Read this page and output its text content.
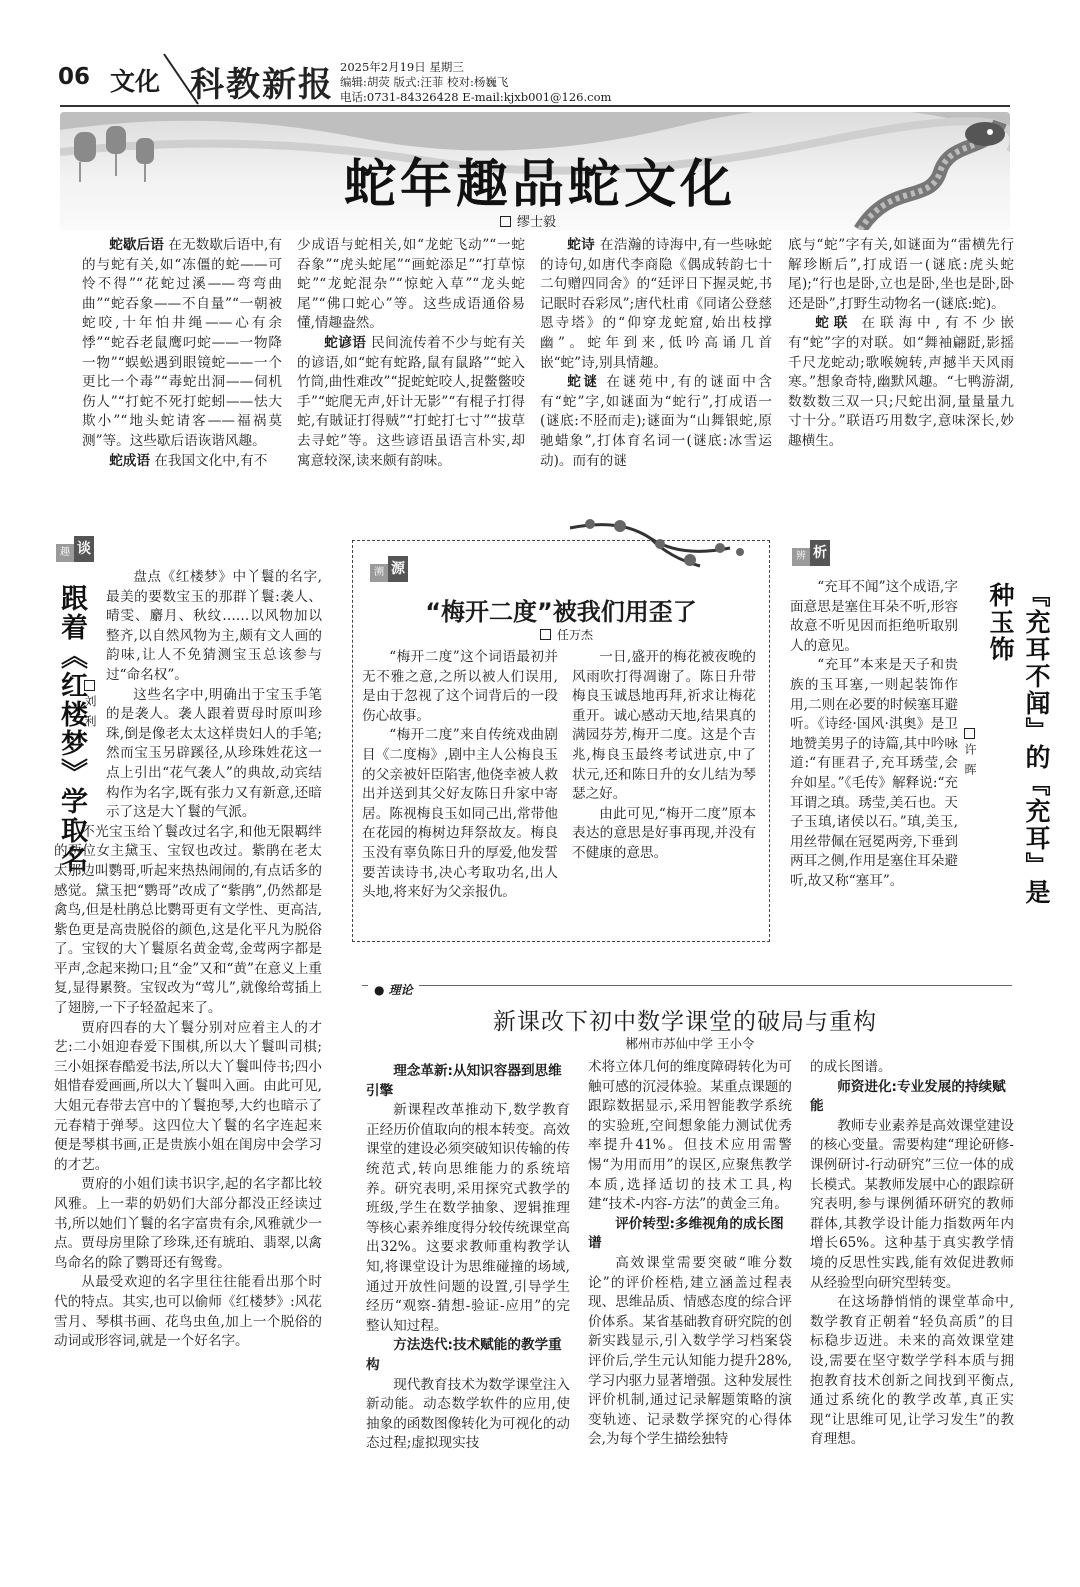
06 文化 科教新报 2025年2月19日 星期三
编辑:胡荧 版式:汪菲 校对:杨巍飞
电话:0731-84326428 E-mail:kjxb001@126.com
蛇年趣品蛇文化
缪士毅

蛇歇后语 在无数歇后语中,有的与蛇有关,如“冻僵的蛇——可怜不得”“花蛇过溪——弯弯曲曲”“蛇吞象——不自量”“一朝被蛇咬,十年怕井绳——心有余悸”“蛇吞老鼠鹰叼蛇——一物降一物”“蜈蚣遇到眼镜蛇——一个更比一个毒”“毒蛇出洞——伺机伤人”“打蛇不死打蛇蚓——怯大欺小”“地头蛇请客——福祸莫测”等。这些歇后语诙谐风趣。

蛇成语 在我国文化中,有不

少成语与蛇相关,如“龙蛇飞动”“一蛇吞象”“虎头蛇尾”“画蛇添足”“打草惊蛇”“龙蛇混杂”“惊蛇入草”“龙头蛇尾”“佛口蛇心”等。这些成语通俗易懂,情趣盎然。

蛇谚语 民间流传着不少与蛇有关的谚语,如“蛇有蛇路,鼠有鼠路”“蛇入竹筒,曲性难改”“捉蛇蛇咬人,捉鳖鳖咬手”“蛇爬无声,奸计无影”“有棍子打得蛇,有賊证打得贼”“打蛇打七寸”“拔草去寻蛇”等。这些谚语虽语言朴实,却寓意较深,读来颇有韵味。

蛇诗 在浩瀚的诗海中,有一些咏蛇的诗句,如唐代李商隐《偶成转韵七十二句赠四同舍》的“廷评日下握灵蛇,书记眠时吞彩凤”;唐代杜甫《同诸公登慈恩寺塔》的“仰穿龙蛇窟,始出枝撑幽”。蛇年到来,低吟高诵几首嵌“蛇”诗,别具情趣。

蛇谜 在谜苑中,有的谜面中含有“蛇”字,如谜面为“蛇行”,打成语一(谜底:不胫而走);谜面为“山舞银蛇,原驰蜡象”,打体育名词一(谜底:冰雪运动)。而有的谜

底与“蛇”字有关,如谜面为“雷横先行解珍断后”,打成语一(谜底:虎头蛇尾);“行也是卧,立也是卧,坐也是卧,卧还是卧”,打野生动物名一(谜底:蛇)。

蛇联 在联海中,有不少嵌有“蛇”字的对联。如“舞袖翩跹,影摇千尺龙蛇动;歌喉婉转,声撼半天风雨寒。”想象奇特,幽默风趣。“七鸭游湖,数数数三双一只;尺蛇出洞,量量量九寸十分。”联语巧用数字,意味深长,妙趣横生。

趣 谈
跟着《红楼梦》学取名
刘 利

盘点《红楼梦》中丫鬟的名字,最美的要数宝玉的那群丫鬟:袭人、晴雯、麝月、秋纹……以风物加以整齐,以自然风物为主,颇有文人画的韵味,让人不免猜测宝玉总该参与过“命名权”。

这些名字中,明确出于宝玉手笔的是袭人。袭人跟着贾母时原叫珍珠,倒是像老太太这样贵妇人的手笔;然而宝玉另辟蹊径,从珍珠姓花这一点上引出“花气袭人”的典故,动宾结构作为名字,既有张力又有新意,还暗示了这是大丫鬟的气派。

不光宝玉给丫鬟改过名字,和他无限羁绊的两位女主黛玉、宝钗也改过。紫鹃在老太太那边叫鹦哥,听起来热热闹闹的,有点话多的感觉。黛玉把“鹦哥”改成了“紫鹃”,仍然都是禽鸟,但是杜鹃总比鹦哥更有文学性、更高洁,紫色更是高贵脱俗的颜色,这是化平凡为脱俗了。宝钗的大丫鬟原名黄金莺,金莺两字都是平声,念起来拗口;且“金”又和“黄”在意义上重复,显得累赘。宝钗改为“莺儿”,就像给莺插上了翅膀,一下子轻盈起来了。

贾府四春的大丫鬟分别对应着主人的才艺:二小姐迎春爱下围棋,所以大丫鬟叫司棋;三小姐探春酷爱书法,所以大丫鬟叫侍书;四小姐惜春爱画画,所以大丫鬟叫入画。由此可见,大姐元春带去宫中的丫鬟抱琴,大约也暗示了元春精于弹琴。这四位大丫鬟的名字连起来便是琴棋书画,正是贵族小姐在闺房中会学习的才艺。

贾府的小姐们读书识字,起的名字都比较风雅。上一辈的奶奶们大部分都没正经读过书,所以她们丫鬟的名字富贵有余,风雅就少一点。贾母房里除了珍珠,还有琥珀、翡翠,以禽鸟命名的除了鹦哥还有鸳鸯。

从最受欢迎的名字里往往能看出那个时代的特点。其实,也可以偷师《红楼梦》:风花雪月、琴棋书画、花鸟虫鱼,加上一个脱俗的动词或形容词,就是一个好名字。

溯 源
“梅开二度”被我们用歪了
任万杰

“梅开二度”这个词语最初并无不雅之意,之所以被人们误用,是由于忽视了这个词背后的一段伤心故事。

“梅开二度”来自传统戏曲剧目《二度梅》,剧中主人公梅良玉的父亲被奸臣陷害,他侥幸被人救出并送到其父好友陈日升家中寄居。陈视梅良玉如同己出,常带他在花园的梅树边拜祭故友。梅良玉没有辜负陈日升的厚爱,他发誓要苦读诗书,决心考取功名,出人头地,将来好为父亲报仇。

一日,盛开的梅花被夜晚的风雨吹打得凋谢了。陈日升带梅良玉诚恳地再拜,祈求让梅花重开。诚心感动天地,结果真的满园芬芳,梅开二度。这是个吉兆,梅良玉最终考试进京,中了状元,还和陈日升的女儿结为琴瑟之好。

由此可见,“梅开二度”原本表达的意思是好事再现,并没有不健康的意思。

辨 析

“充耳不闻”这个成语,字面意思是塞住耳朵不听,形容故意不听见因而拒绝听取别人的意见。

“充耳”本来是天子和贵族的玉耳塞,一则起装饰作用,二则在必要的时候塞耳避听。《诗经·国风·淇奥》是卫地赞美男子的诗篇,其中吟咏道:“有匪君子,充耳琇莹,会弁如星。”《毛传》解释说:“充耳谓之瑱。琇莹,美石也。天子玉瑱,诸侯以石。”瑱,美玉,用丝带佩在冠冕两旁,下垂到两耳之侧,作用是塞住耳朵避听,故又称“塞耳”。	『充耳不闻』的『充耳』是种玉饰
许 晖
● 理论
新课改下初中数学课堂的破局与重构
郴州市苏仙中学 王小令
理念革新:从知识容器到思维引擎

新课程改革推动下,数学教育正经历价值取向的根本转变。高效课堂的建设必须突破知识传输的传统范式,转向思维能力的系统培养。研究表明,采用探究式教学的班级,学生在数学抽象、逻辑推理等核心素养维度得分较传统课堂高出32%。这要求教师重构教学认知,将课堂设计为思维碰撞的场域,通过开放性问题的设置,引导学生经历“观察-猜想-验证-应用”的完整认知过程。

方法迭代:技术赋能的教学重构

现代教育技术为数学课堂注入新动能。动态数学软件的应用,使抽象的函数图像转化为可视化的动态过程;虚拟现实技

术将立体几何的维度障碍转化为可触可感的沉浸体验。某重点课题的跟踪数据显示,采用智能教学系统的实验班,空间想象能力测试优秀率提升41%。但技术应用需警惕“为用而用”的误区,应聚焦教学本质,选择适切的技术工具,构建“技术-内容-方法”的黄金三角。

评价转型:多维视角的成长图谱

高效课堂需要突破“唯分数论”的评价桎梏,建立涵盖过程表现、思维品质、情感态度的综合评价体系。某省基础教育研究院的创新实践显示,引入数学学习档案袋评价后,学生元认知能力提升28%,学习内驱力显著增强。这种发展性评价机制,通过记录解题策略的演变轨迹、记录数学探究的心得体会,为每个学生描绘独特

的成长图谱。

师资进化:专业发展的持续赋能

教师专业素养是高效课堂建设的核心变量。需要构建“理论研修-课例研讨-行动研究”三位一体的成长模式。某教师发展中心的跟踪研究表明,参与课例循环研究的教师群体,其教学设计能力指数两年内增长65%。这种基于真实教学情境的反思性实践,能有效促进教师从经验型向研究型转变。

在这场静悄悄的课堂革命中,数学教育正朝着“轻负高质”的目标稳步迈进。未来的高效课堂建设,需要在坚守数学学科本质与拥抱教育技术创新之间找到平衡点,通过系统化的教学改革,真正实现“让思维可见,让学习发生”的教育理想。
